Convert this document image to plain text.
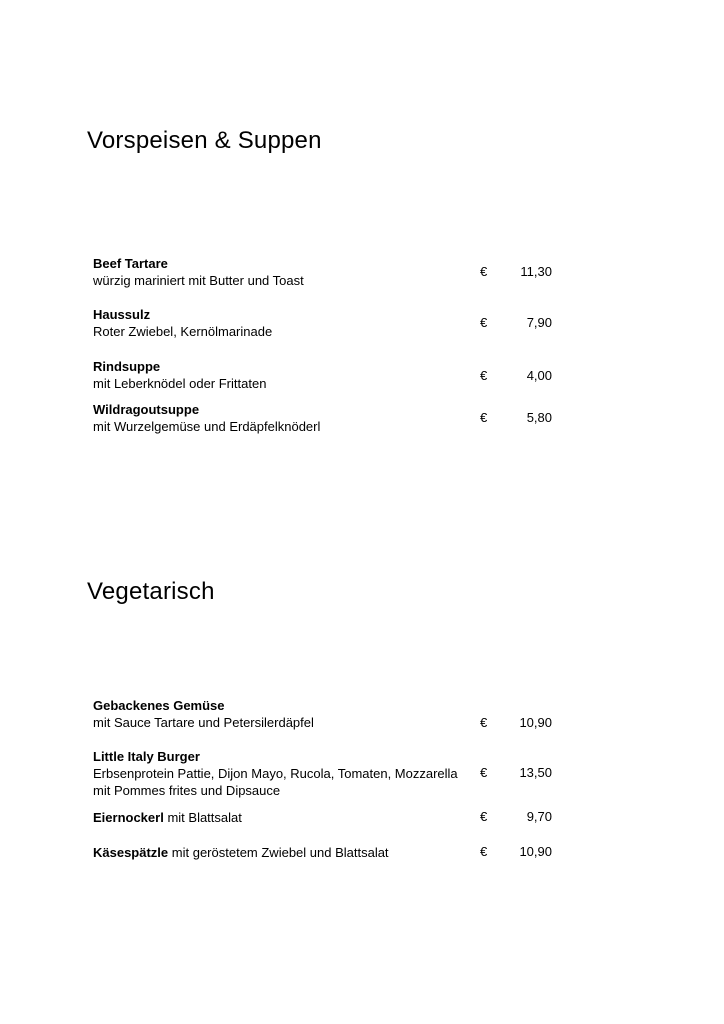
Vorspeisen & Suppen
Beef Tartare
würzig mariniert mit Butter und Toast
€	11,30
Haussulz
Roter Zwiebel, Kernölmarinade
€	7,90
Rindsuppe
mit Leberknödel oder Frittaten
€	4,00
Wildragoutsuppe
mit Wurzelgemüse und Erdäpfelknöderl
€	5,80
Vegetarisch
Gebackenes Gemüse
mit Sauce Tartare und Petersilerdäpfel	€ 10,90
Little Italy Burger
Erbsenprotein Pattie, Dijon Mayo, Rucola, Tomaten, Mozzarella
mit Pommes frites und Dipsauce
€ 13,50
Eiernockerl mit Blattsalat	€	9,70
Käsespätzle mit geröstetem Zwiebel und Blattsalat	€ 10,90
